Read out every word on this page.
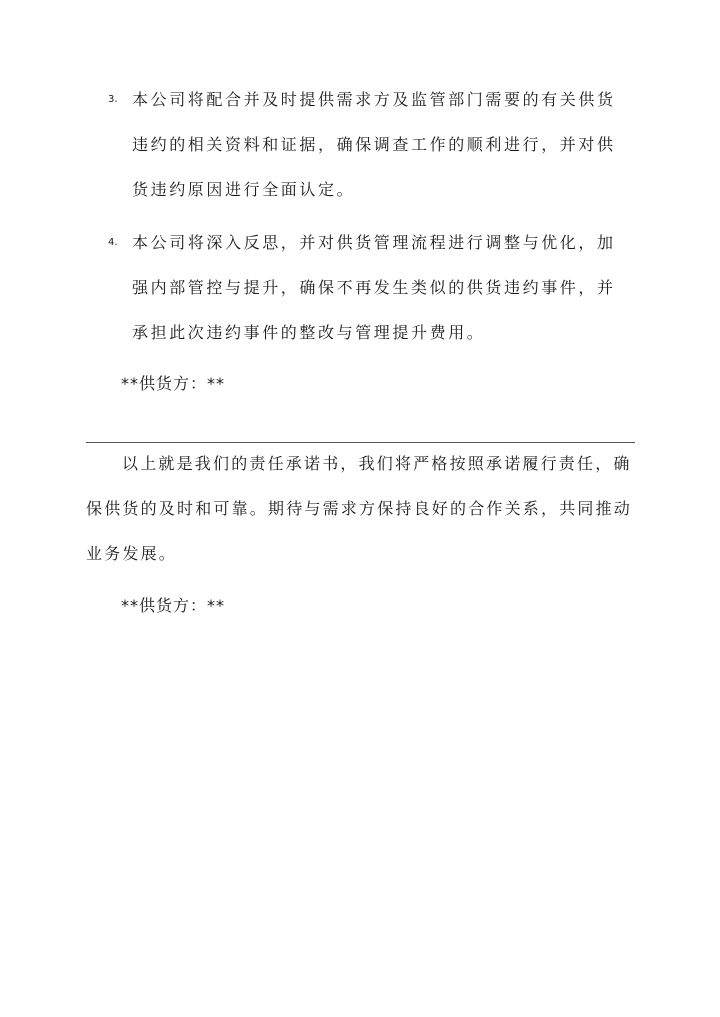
3. 本公司将配合并及时提供需求方及监管部门需要的有关供货违约的相关资料和证据，确保调查工作的顺利进行，并对供货违约原因进行全面认定。
4. 本公司将深入反思，并对供货管理流程进行调整与优化，加强内部管控与提升，确保不再发生类似的供货违约事件，并承担此次违约事件的整改与管理提升费用。
**供货方：**

以上就是我们的责任承诺书，我们将严格按照承诺履行责任，确保供货的及时和可靠。期待与需求方保持良好的合作关系，共同推动业务发展。

**供货方：**
